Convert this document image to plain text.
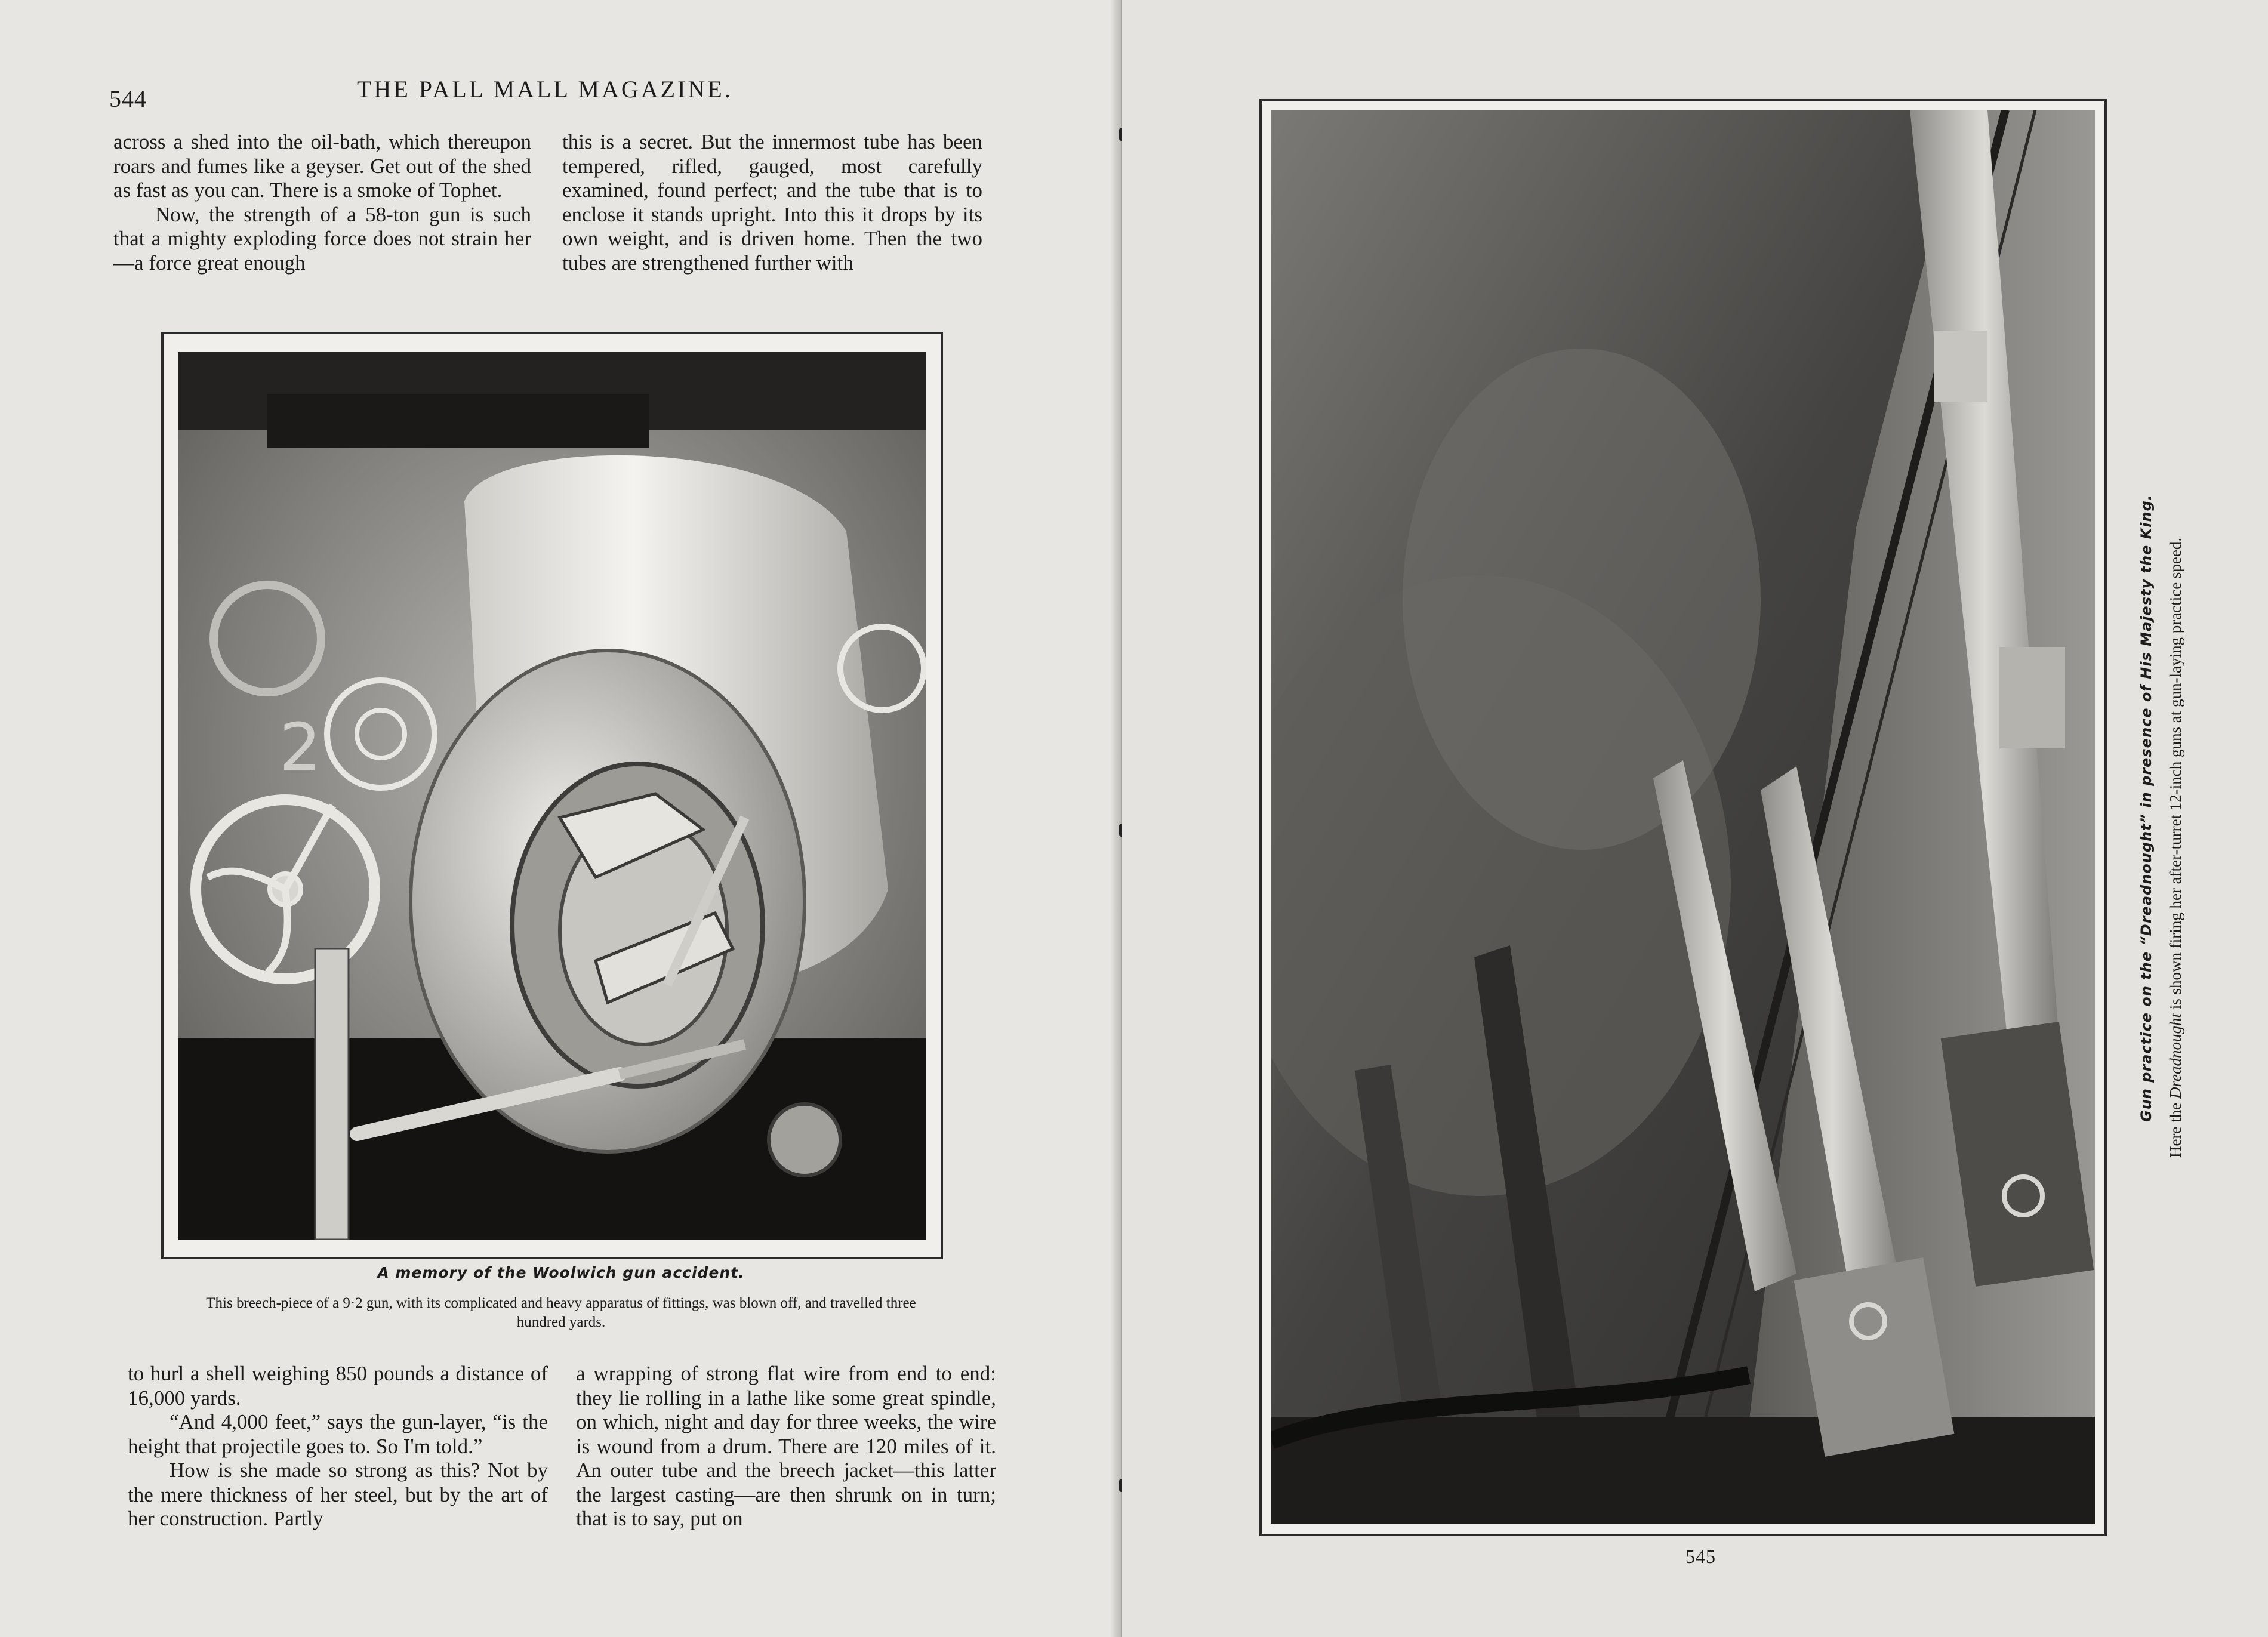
544	THE PALL MALL MAGAZINE.

across a shed into the oil-bath, which thereupon roars and fumes like a geyser. Get out of the shed as fast as you can. There is a smoke of Tophet.

Now, the strength of a 58-ton gun is such that a mighty exploding force does not strain her—a force great enough

this is a secret. But the innermost tube has been tempered, rifled, gauged, most carefully examined, found perfect; and the tube that is to enclose it stands upright. Into this it drops by its own weight, and is driven home. Then the two tubes are strengthened further with

2
A memory of the Woolwich gun accident.
This breech-piece of a 9·2 gun, with its complicated and heavy apparatus of fittings, was blown off, and travelled three hundred yards.

to hurl a shell weighing 850 pounds a distance of 16,000 yards.

“And 4,000 feet,” says the gun-layer, “is the height that projectile goes to. So I'm told.”

How is she made so strong as this? Not by the mere thickness of her steel, but by the art of her construction. Partly

a wrapping of strong flat wire from end to end: they lie rolling in a lathe like some great spindle, on which, night and day for three weeks, the wire is wound from a drum. There are 120 miles of it. An outer tube and the breech jacket—this latter the largest casting—are then shrunk on in turn; that is to say, put on

Gun practice on the “Dreadnought” in presence of His Majesty the King.
Here the Dreadnought is shown firing her after-turret 12-inch guns at gun-laying practice speed.
545
